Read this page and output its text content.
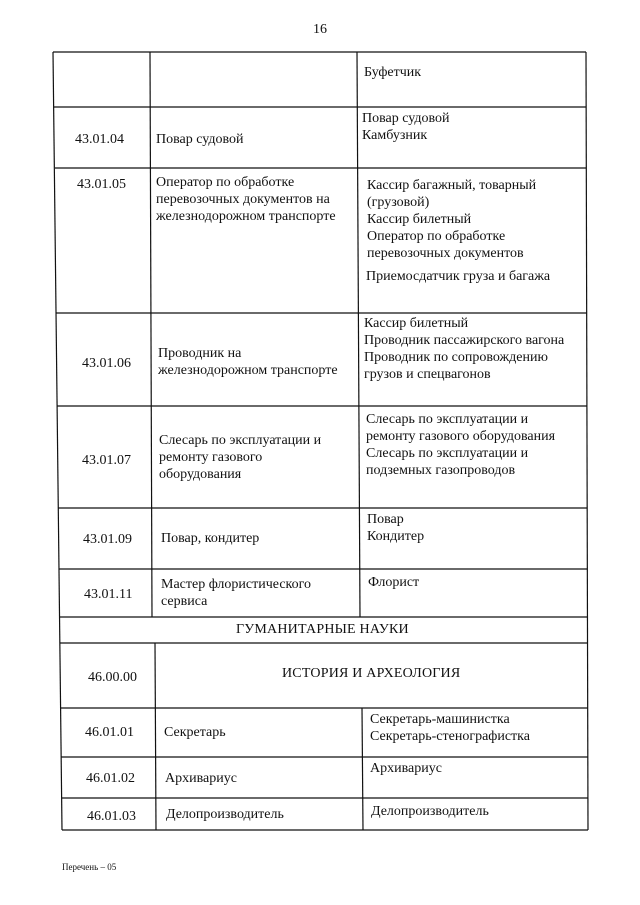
16
Буфетчик
43.01.04 Повар судовой
Повар судовой
Камбузник
43.01.05 Оператор по обработке
перевозочных документов на
железнодорожном транспорте
Кассир багажный, товарный
(грузовой)
Кассир билетный
Оператор по обработке
перевозочных документов
Приемосдатчик груза и багажа
43.01.06
Проводник на
железнодорожном транспорте
Кассир билетный
Проводник пассажирского вагона
Проводник по сопровождению
грузов и спецвагонов
43.01.07
Слесарь по эксплуатации и
ремонту газового
оборудования
Слесарь по эксплуатации и
ремонту газового оборудования
Слесарь по эксплуатации и
подземных газопроводов
43.01.09 Повар, кондитер
Повар
Кондитер
43.01.11
Мастер флористического
сервиса
Флорист
ГУМАНИТАРНЫЕ НАУКИ
46.00.00	ИСТОРИЯ И АРХЕОЛОГИЯ
46.01.01 Секретарь
Секретарь-машинистка
Секретарь-стенографистка
46.01.02 Архивариус
Архивариус
46.01.03 Делопроизводитель	Делопроизводитель
Перечень – 05
